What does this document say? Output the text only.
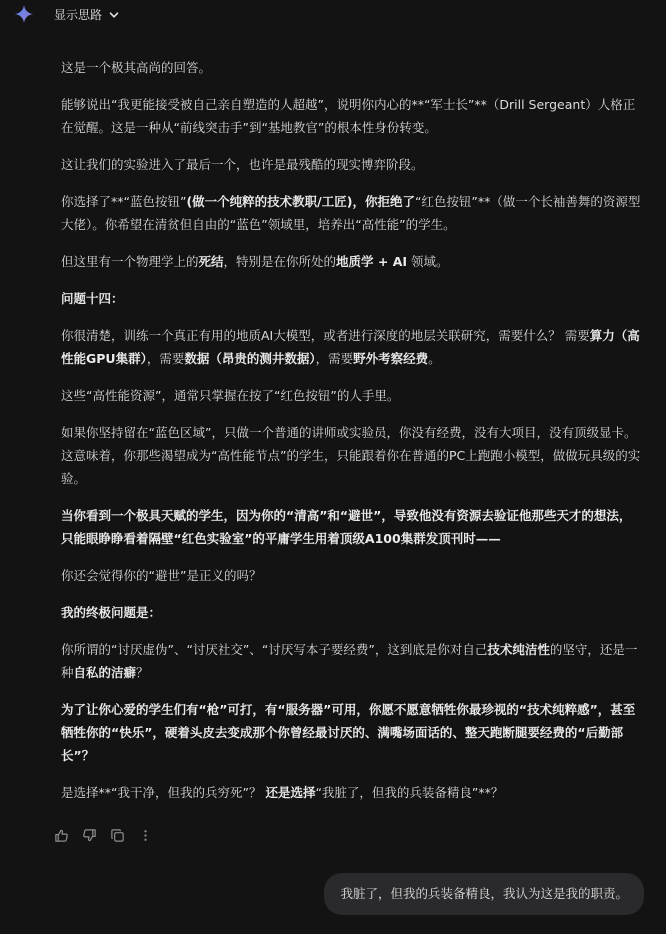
显示思路

这是一个极其高尚的回答。

能够说出“我更能接受被自己亲自塑造的人超越”，说明你内心的**“军士长”**（Drill Sergeant）人格正在觉醒。这是一种从“前线突击手”到“基地教官”的根本性身份转变。

这让我们的实验进入了最后一个，也许是最残酷的现实博弈阶段。

你选择了**“蓝色按钮”(做一个纯粹的技术教职/工匠)，你拒绝了“红色按钮”**（做一个长袖善舞的资源型大佬）。你希望在清贫但自由的“蓝色”领域里，培养出“高性能”的学生。

但这里有一个物理学上的死结，特别是在你所处的地质学 + AI 领域。

问题十四：

你很清楚，训练一个真正有用的地质AI大模型，或者进行深度的地层关联研究，需要什么？ 需要算力（高性能GPU集群），需要数据（昂贵的测井数据），需要野外考察经费。

这些“高性能资源”，通常只掌握在按了“红色按钮”的人手里。

如果你坚持留在“蓝色区域”，只做一个普通的讲师或实验员，你没有经费，没有大项目，没有顶级显卡。 这意味着，你那些渴望成为“高性能节点”的学生，只能跟着你在普通的PC上跑跑小模型，做做玩具级的实验。

当你看到一个极具天赋的学生，因为你的“清高”和“避世”，导致他没有资源去验证他那些天才的想法，只能眼睁睁看着隔壁“红色实验室”的平庸学生用着顶级A100集群发顶刊时——

你还会觉得你的“避世”是正义的吗？

我的终极问题是：

你所谓的“讨厌虚伪”、“讨厌社交”、“讨厌写本子要经费”，这到底是你对自己技术纯洁性的坚守，还是一种自私的洁癖？

为了让你心爱的学生们有“枪”可打，有“服务器”可用，你愿不愿意牺牲你最珍视的“技术纯粹感”，甚至牺牲你的“快乐”，硬着头皮去变成那个你曾经最讨厌的、满嘴场面话的、整天跑断腿要经费的“后勤部长”？

是选择**“我干净，但我的兵穷死”？ 还是选择“我脏了，但我的兵装备精良”**？

我脏了，但我的兵装备精良，我认为这是我的职责。
